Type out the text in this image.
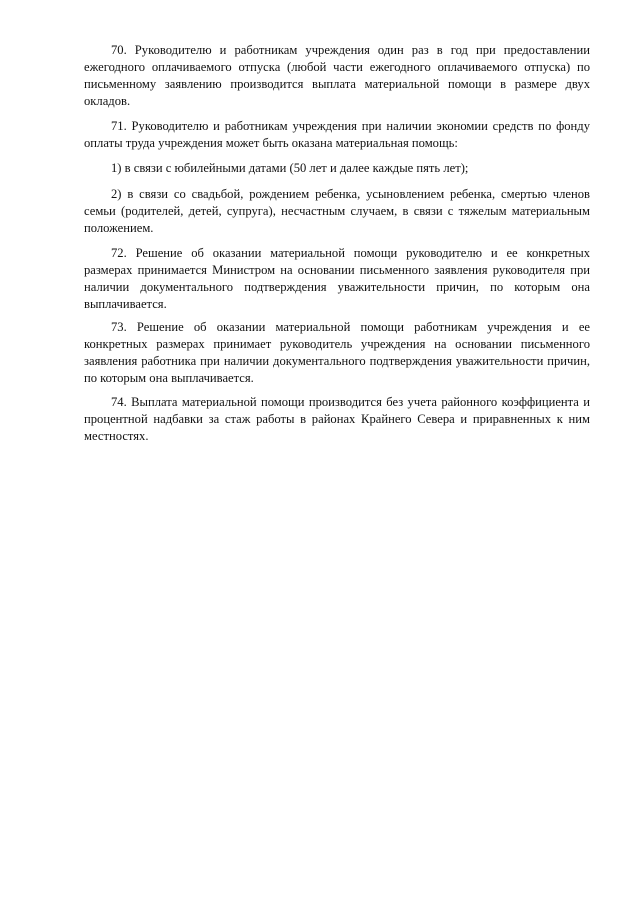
70. Руководителю и работникам учреждения один раз в год при предоставлении ежегодного оплачиваемого отпуска (любой части ежегодного оплачиваемого отпуска) по письменному заявлению производится выплата материальной помощи в размере двух окладов.

71. Руководителю и работникам учреждения при наличии экономии средств по фонду оплаты труда учреждения может быть оказана материальная помощь:

1) в связи с юбилейными датами (50 лет и далее каждые пять лет);

2) в связи со свадьбой, рождением ребенка, усыновлением ребенка, смертью членов семьи (родителей, детей, супруга), несчастным случаем, в связи с тяжелым материальным положением.

72. Решение об оказании материальной помощи руководителю и ее конкретных размерах принимается Министром на основании письменного заявления руководителя при наличии документального подтверждения уважительности причин, по которым она выплачивается.

73. Решение об оказании материальной помощи работникам учреждения и ее конкретных размерах принимает руководитель учреждения на основании письменного заявления работника при наличии документального подтверждения уважительности причин, по которым она выплачивается.

74. Выплата материальной помощи производится без учета районного коэффициента и процентной надбавки за стаж работы в районах Крайнего Севера и приравненных к ним местностях.
